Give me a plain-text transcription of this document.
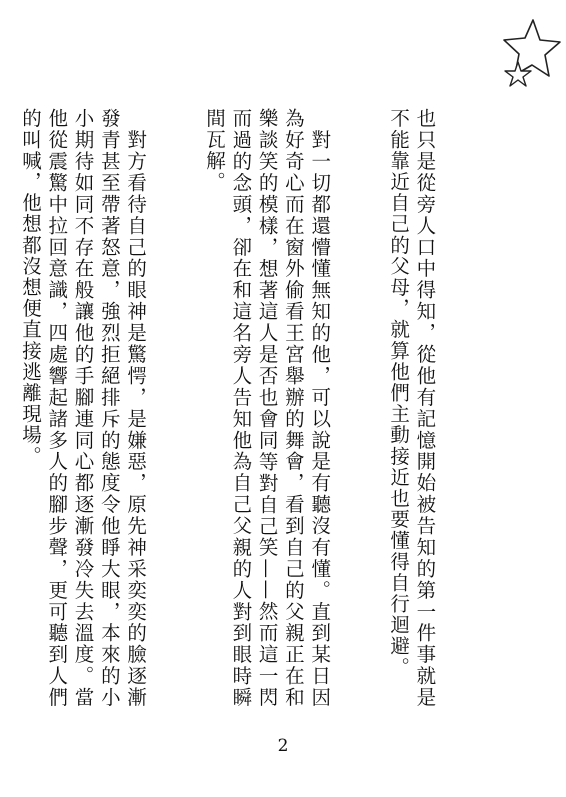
也只是從旁人口中得知，從他有記憶開始被告知的第一件事就是不能靠近自己的父母，就算他們主動接近也要懂得自行迴避。

　對一切都還懵懂無知的他，可以說是有聽沒有懂。直到某日因為好奇心而在窗外偷看王宮舉辦的舞會，看到自己的父親正在和樂談笑的模樣，想著這人是否也會同等對自己笑——然而這一閃而過的念頭，卻在和這名旁人告知他為自己父親的人對到眼時瞬間瓦解。

　對方看待自己的眼神是驚愕，是嫌惡，原先神采奕奕的臉逐漸發青甚至帶著怒意，強烈拒絕排斥的態度令他睜大眼，本來的小小期待如同不存在般讓他的手腳連同心都逐漸發冷失去溫度。當他從震驚中拉回意識，四處響起諸多人的腳步聲，更可聽到人們的叫喊，他想都沒想便直接逃離現場。

2
